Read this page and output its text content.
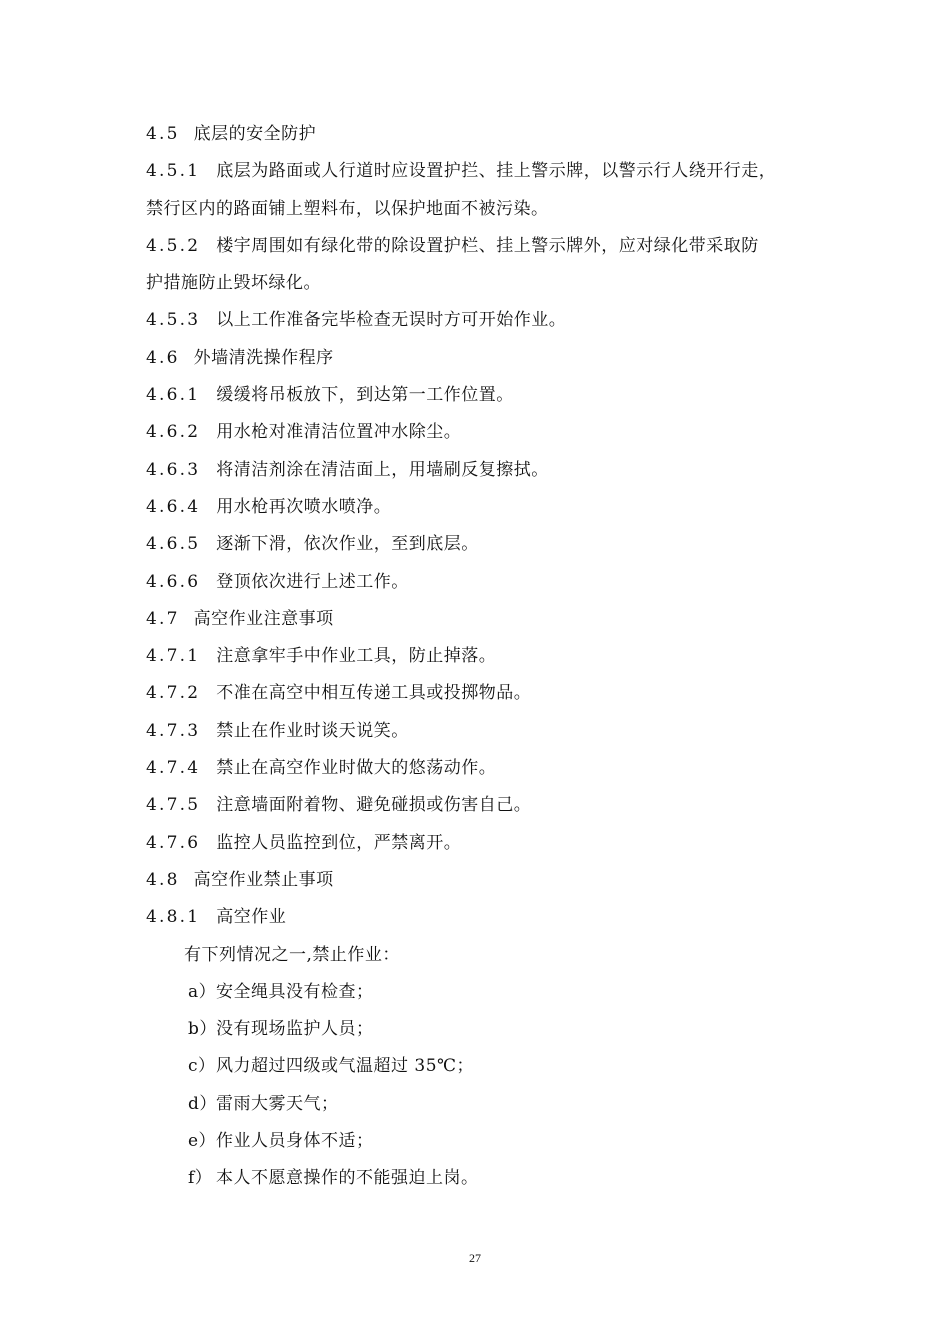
4.5 底层的安全防护
4.5.1 底层为路面或人行道时应设置护拦、挂上警示牌，以警示行人绕开行走，
禁行区内的路面铺上塑料布，以保护地面不被污染。
4.5.2 楼宇周围如有绿化带的除设置护栏、挂上警示牌外，应对绿化带采取防
护措施防止毁坏绿化。
4.5.3 以上工作准备完毕检查无误时方可开始作业。
4.6 外墙清洗操作程序
4.6.1 缓缓将吊板放下，到达第一工作位置。
4.6.2 用水枪对准清洁位置冲水除尘。
4.6.3 将清洁剂涂在清洁面上，用墙刷反复擦拭。
4.6.4 用水枪再次喷水喷净。
4.6.5 逐渐下滑，依次作业，至到底层。
4.6.6 登顶依次进行上述工作。
4.7 高空作业注意事项
4.7.1 注意拿牢手中作业工具，防止掉落。
4.7.2 不准在高空中相互传递工具或投掷物品。
4.7.3 禁止在作业时谈天说笑。
4.7.4 禁止在高空作业时做大的悠荡动作。
4.7.5 注意墙面附着物、避免碰损或伤害自己。
4.7.6 监控人员监控到位，严禁离开。
4.8 高空作业禁止事项
4.8.1 高空作业
有下列情况之一,禁止作业：
a）安全绳具没有检查；
b）没有现场监护人员；
c）风力超过四级或气温超过 35℃；
d）雷雨大雾天气；
e）作业人员身体不适；
f） 本人不愿意操作的不能强迫上岗。
27
